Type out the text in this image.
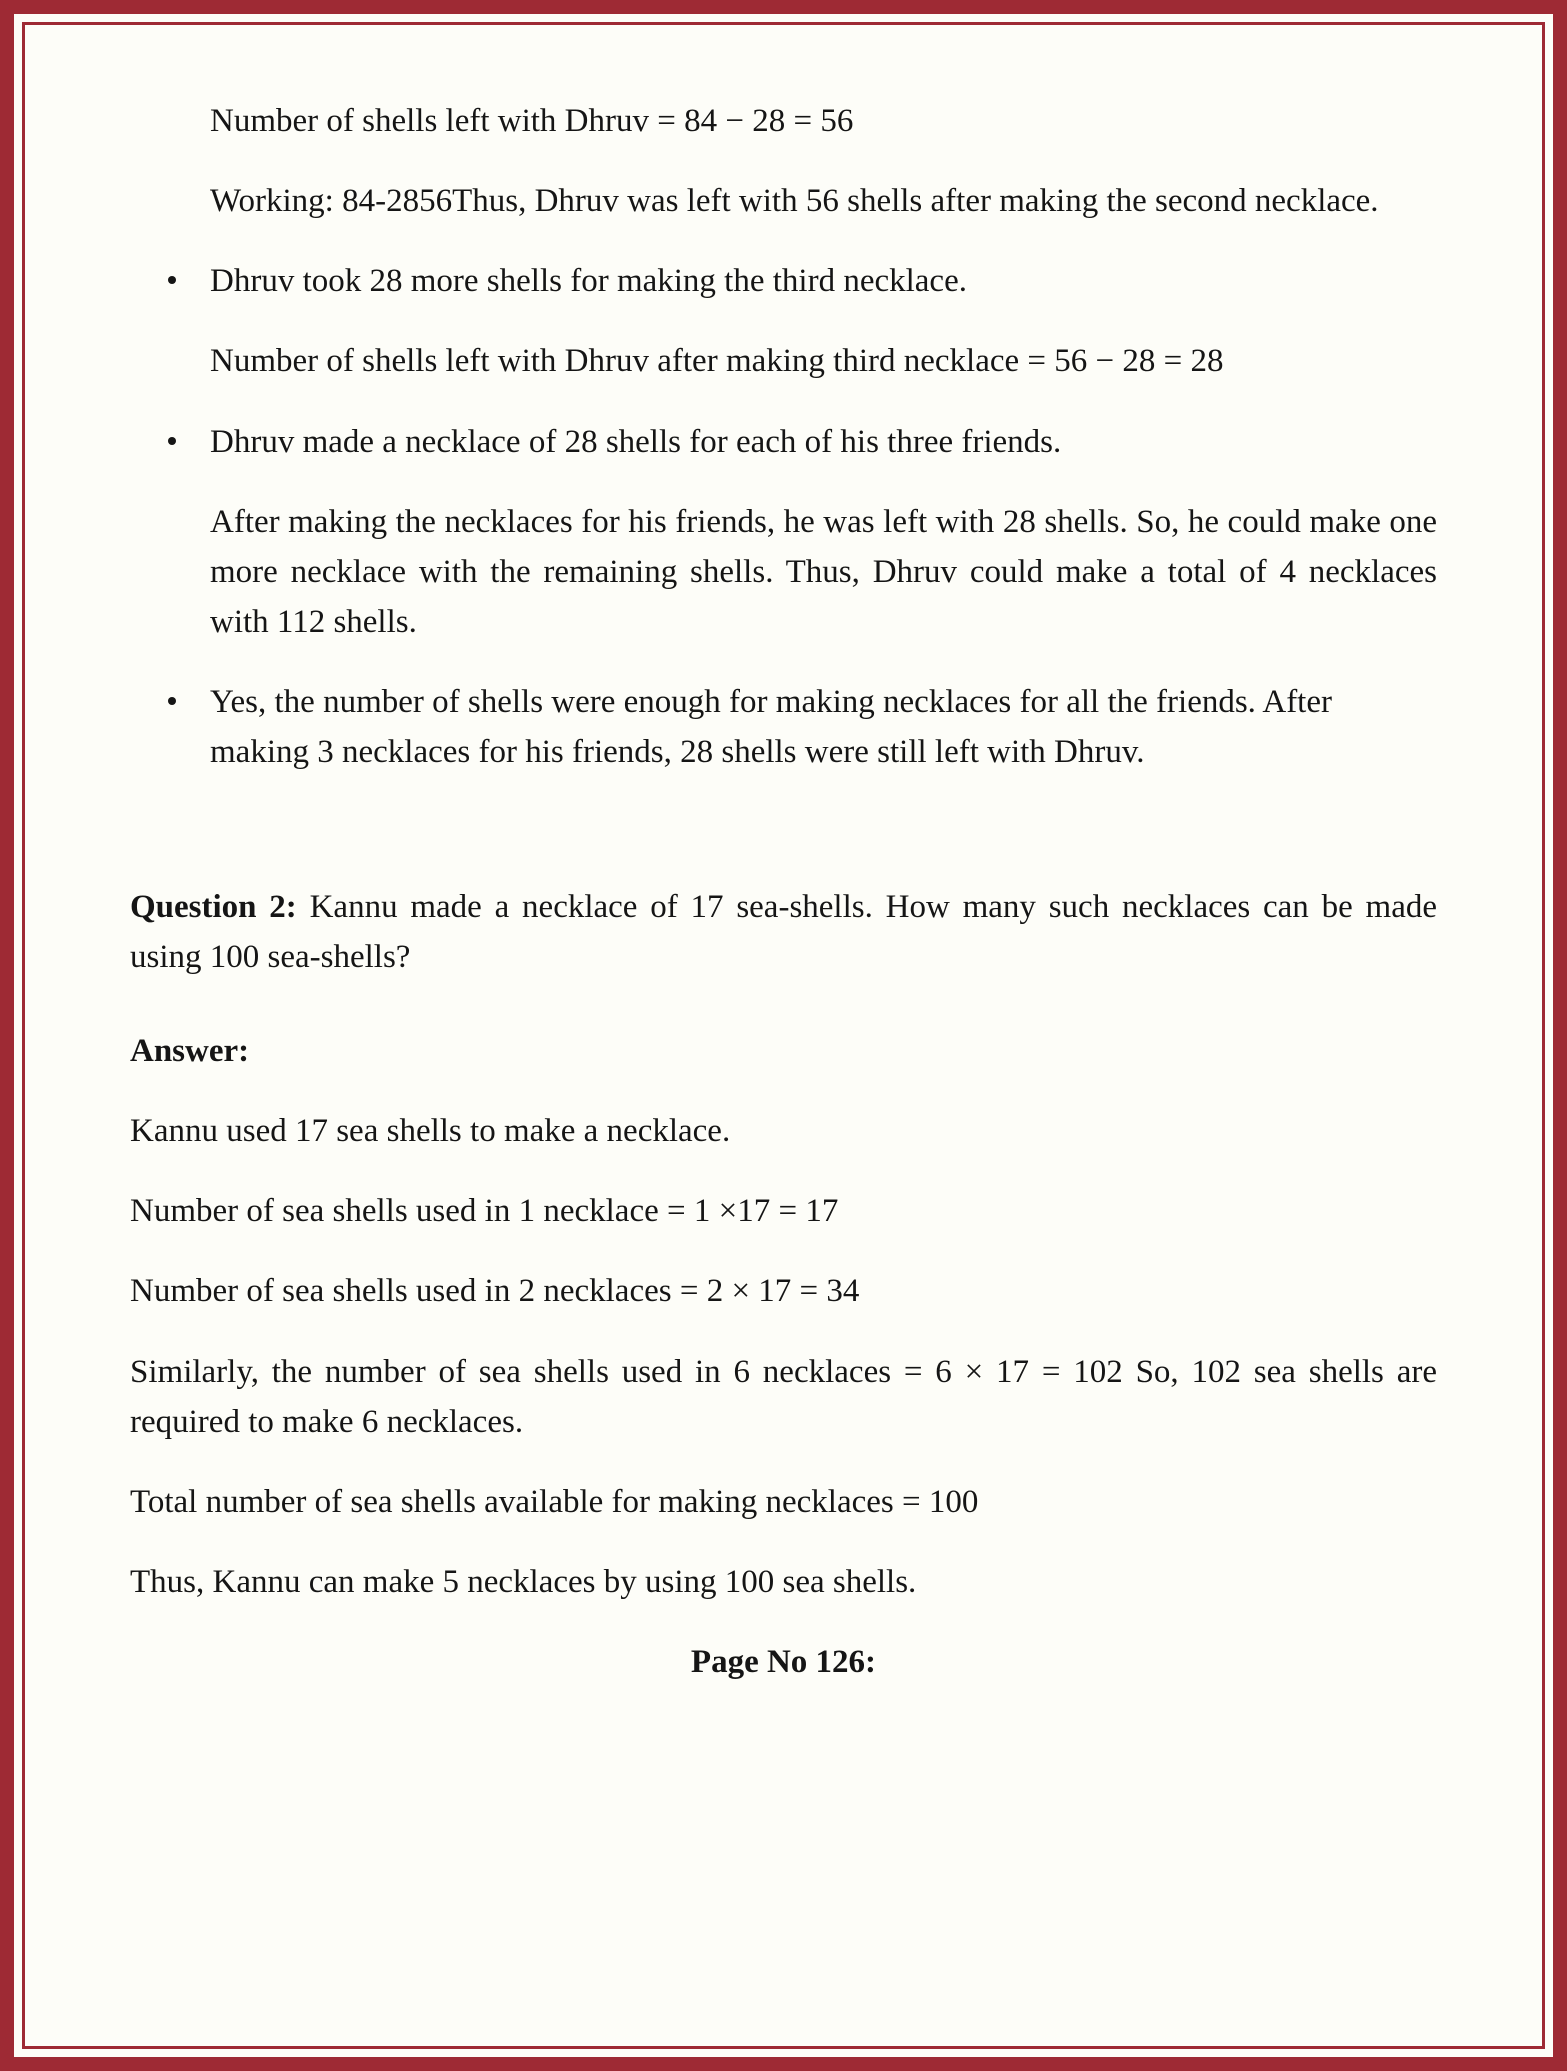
Number of shells left with Dhruv = 84 − 28 = 56

Working: 84-2856Thus, Dhruv was left with 56 shells after making the second necklace.

Dhruv took 28 more shells for making the third necklace.

Number of shells left with Dhruv after making third necklace = 56 − 28 = 28

Dhruv made a necklace of 28 shells for each of his three friends.

After making the necklaces for his friends, he was left with 28 shells. So, he could make one more necklace with the remaining shells. Thus, Dhruv could make a total of 4 necklaces with 112 shells.

Yes, the number of shells were enough for making necklaces for all the friends. After making 3 necklaces for his friends, 28 shells were still left with Dhruv.

Question 2: Kannu made a necklace of 17 sea-shells. How many such necklaces can be made using 100 sea-shells?

Answer:

Kannu used 17 sea shells to make a necklace.

Number of sea shells used in 1 necklace = 1 ×17 = 17

Number of sea shells used in 2 necklaces = 2 × 17 = 34

Similarly, the number of sea shells used in 6 necklaces = 6 × 17 = 102 So, 102 sea shells are required to make 6 necklaces.

Total number of sea shells available for making necklaces = 100

Thus, Kannu can make 5 necklaces by using 100 sea shells.

Page No 126:
